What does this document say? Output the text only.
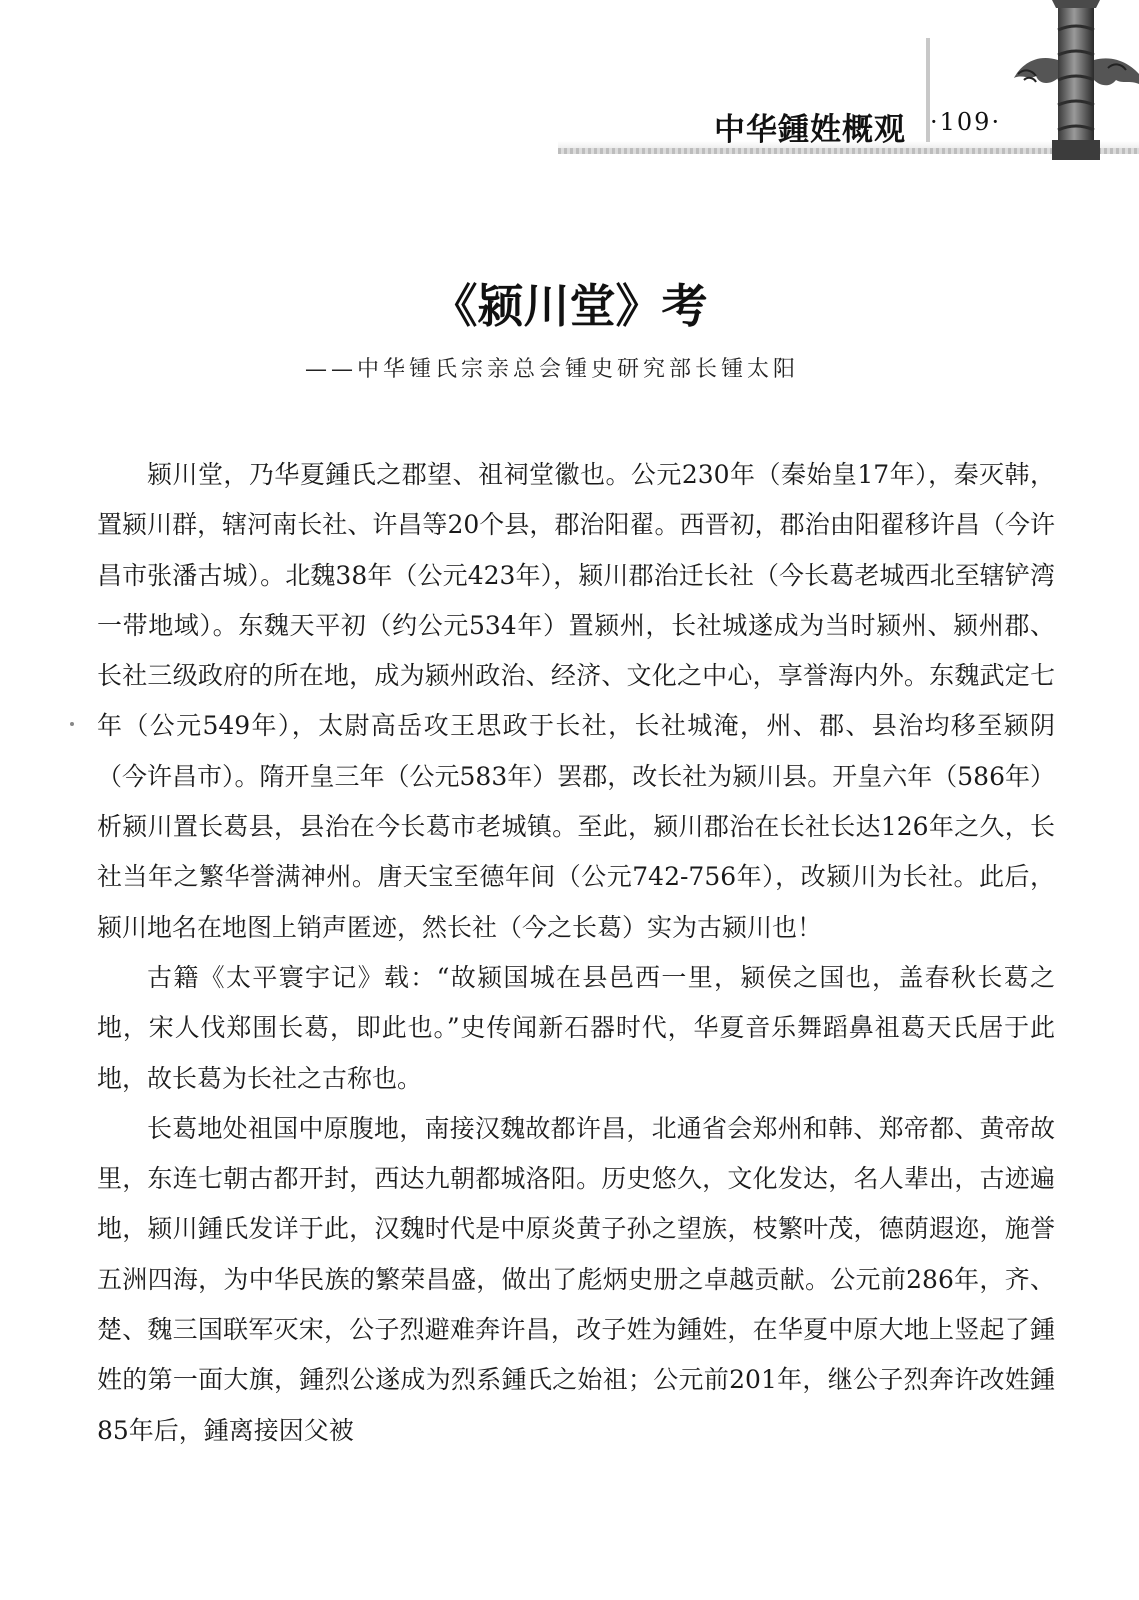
中华鍾姓概观 ·109·
《颍川堂》考
——中华锺氏宗亲总会锺史研究部长锺太阳

颍川堂，乃华夏鍾氏之郡望、祖祠堂徽也。公元230年（秦始皇17年），秦灭韩，置颍川群，辖河南长社、许昌等20个县，郡治阳翟。西晋初，郡治由阳翟移许昌（今许昌市张潘古城）。北魏38年（公元423年），颍川郡治迁长社（今长葛老城西北至辖铲湾一带地域）。东魏天平初（约公元534年）置颍州，长社城遂成为当时颍州、颍州郡、长社三级政府的所在地，成为颍州政治、经济、文化之中心，享誉海内外。东魏武定七年（公元549年），太尉高岳攻王思政于长社，长社城淹，州、郡、县治均移至颍阴（今许昌市）。隋开皇三年（公元583年）罢郡，改长社为颍川县。开皇六年（586年）析颍川置长葛县，县治在今长葛市老城镇。至此，颍川郡治在长社长达126年之久，长社当年之繁华誉满神州。唐天宝至德年间（公元742-756年），改颍川为长社。此后，颍川地名在地图上销声匿迹，然长社（今之长葛）实为古颍川也！

古籍《太平寰宇记》载：“故颍国城在县邑西一里，颍侯之国也，盖春秋长葛之地，宋人伐郑围长葛，即此也。”史传闻新石器时代，华夏音乐舞蹈鼻祖葛天氏居于此地，故长葛为长社之古称也。

长葛地处祖国中原腹地，南接汉魏故都许昌，北通省会郑州和韩、郑帝都、黄帝故里，东连七朝古都开封，西达九朝都城洛阳。历史悠久，文化发达，名人辈出，古迹遍地，颍川鍾氏发详于此，汉魏时代是中原炎黄子孙之望族，枝繁叶茂，德荫遐迩，施誉五洲四海，为中华民族的繁荣昌盛，做出了彪炳史册之卓越贡献。公元前286年，齐、楚、魏三国联军灭宋，公子烈避难奔许昌，改子姓为鍾姓，在华夏中原大地上竖起了鍾姓的第一面大旗，鍾烈公遂成为烈系鍾氏之始祖；公元前201年，继公子烈奔许改姓鍾85年后，鍾离接因父被
